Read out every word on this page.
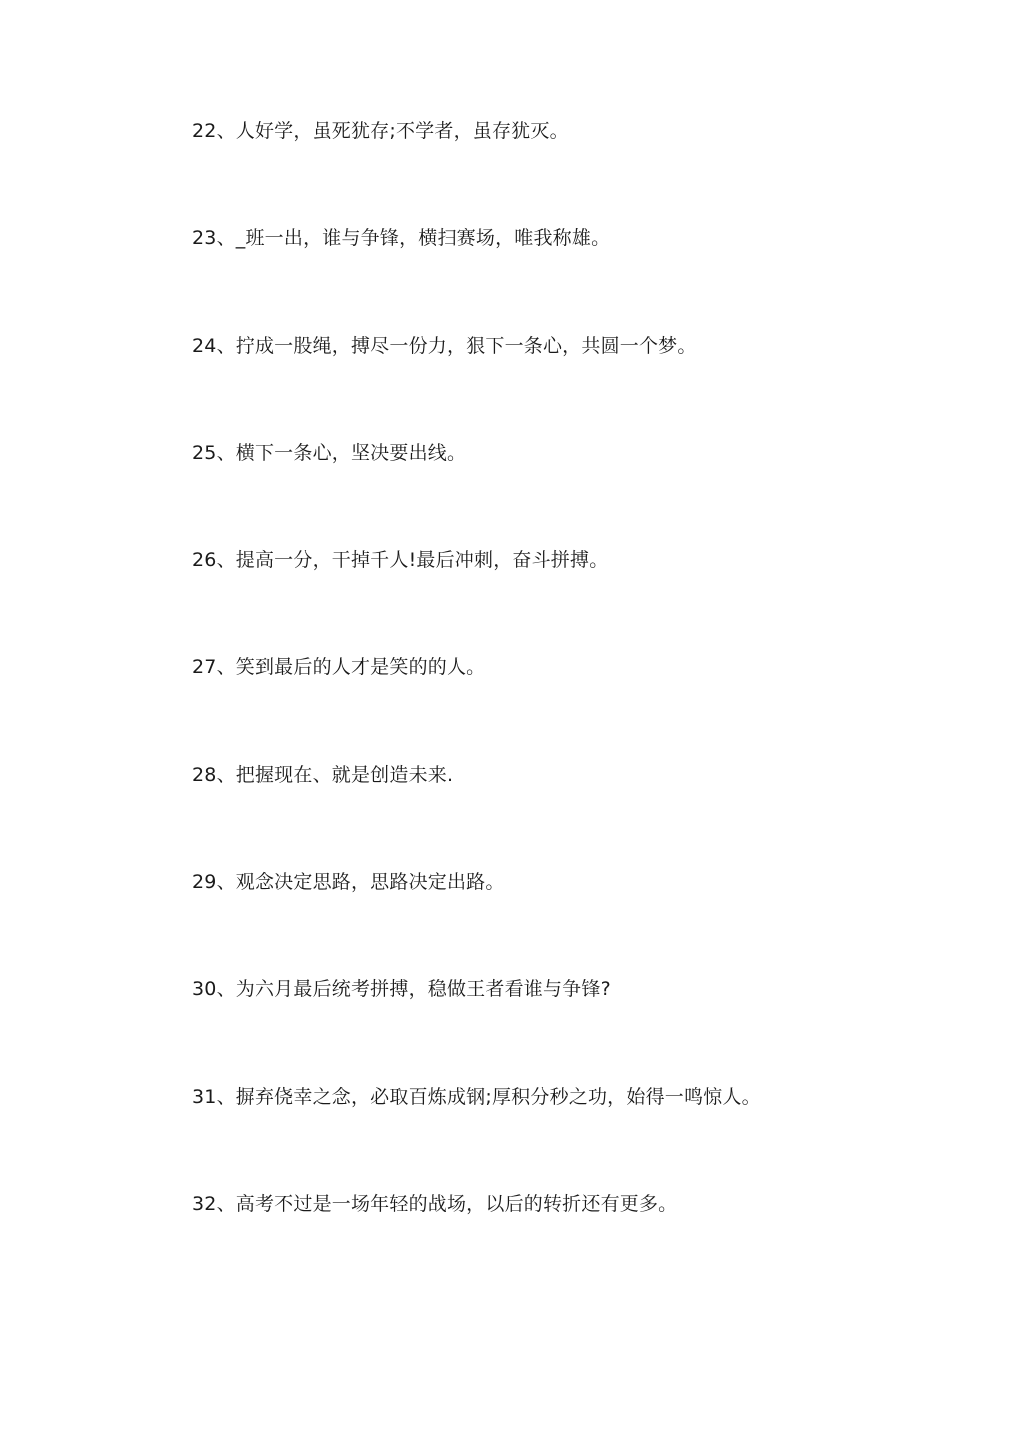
22、人好学，虽死犹存;不学者，虽存犹灭。
23、_班一出，谁与争锋，横扫赛场，唯我称雄。
24、拧成一股绳，搏尽一份力，狠下一条心，共圆一个梦。
25、横下一条心，坚决要出线。
26、提高一分，干掉千人!最后冲刺，奋斗拼搏。
27、笑到最后的人才是笑的的人。
28、把握现在、就是创造未来.
29、观念决定思路，思路决定出路。
30、为六月最后统考拼搏，稳做王者看谁与争锋?
31、摒弃侥幸之念，必取百炼成钢;厚积分秒之功，始得一鸣惊人。
32、高考不过是一场年轻的战场，以后的转折还有更多。
